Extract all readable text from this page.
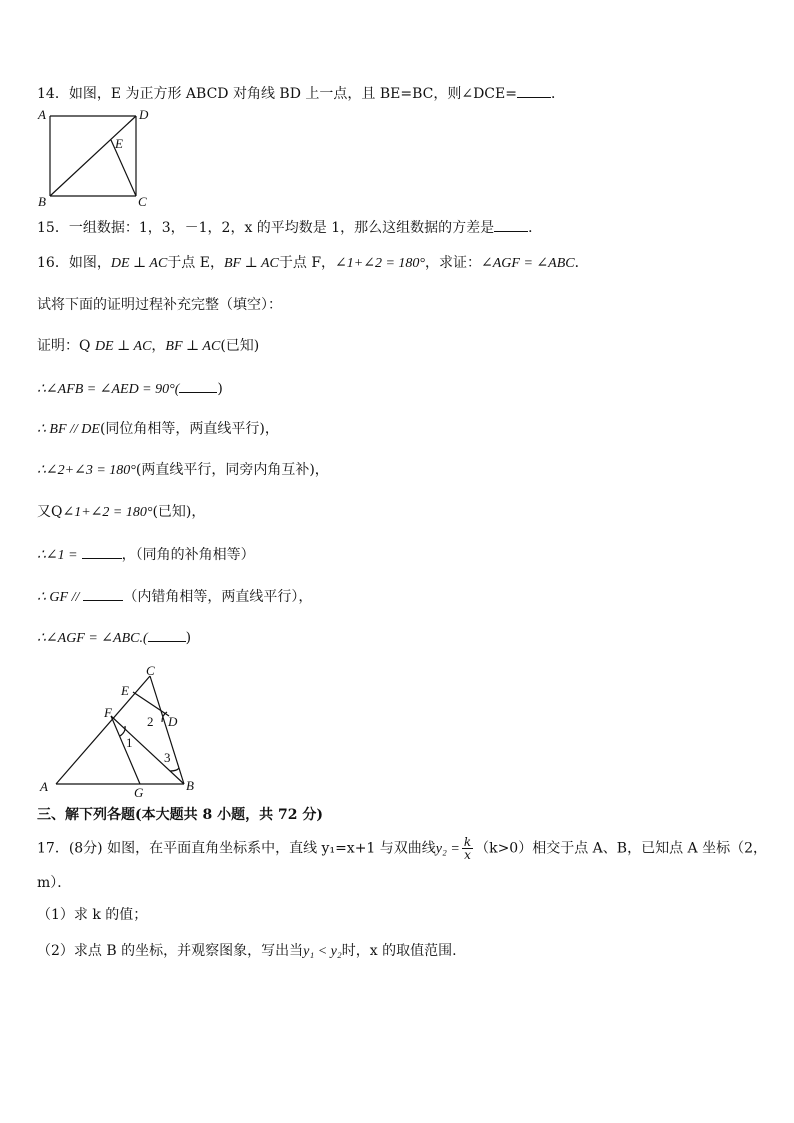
14．如图，E 为正方形 ABCD 对角线 BD 上一点，且 BE=BC，则∠DCE= ．
A	D
E
B	C
15．一组数据：1，3，－1，2，x 的平均数是 1，那么这组数据的方差是 ．
16．如图，DE ⊥ AC于点 E，BF ⊥ AC于点 F，∠1+∠2 = 180°，求证：∠AGF = ∠ABC．
试将下面的证明过程补充完整（填空）：
证明：Q DE ⊥ AC，BF ⊥ AC(已知)
∴∠AFB = ∠AED = 90°(	)
∴ BF // DE(同位角相等，两直线平行)，
∴∠2+∠3 = 180°(两直线平行，同旁内角互补)，
又Q∠1+∠2 = 180°(已知)，
∴∠1 =	，（同角的补角相等）
∴ GF //	（内错角相等，两直线平行），
∴∠AGF = ∠ABC.(	)
C
E
F
D
A	G	B
1
2
3
三、解下列各题(本大题共 8 小题，共 72 分)
17．(8分) 如图，在平面直角坐标系中，直线 y₁=x+1 与双曲线$y_2 = \frac{k}{x} (k>0)$相交于点 A、B，已知点 A 坐标（2，
m）．
（1）求 k 的值；
（2）求点 B 的坐标，并观察图象，写出当y₁ < y₂时，x 的取值范围.
